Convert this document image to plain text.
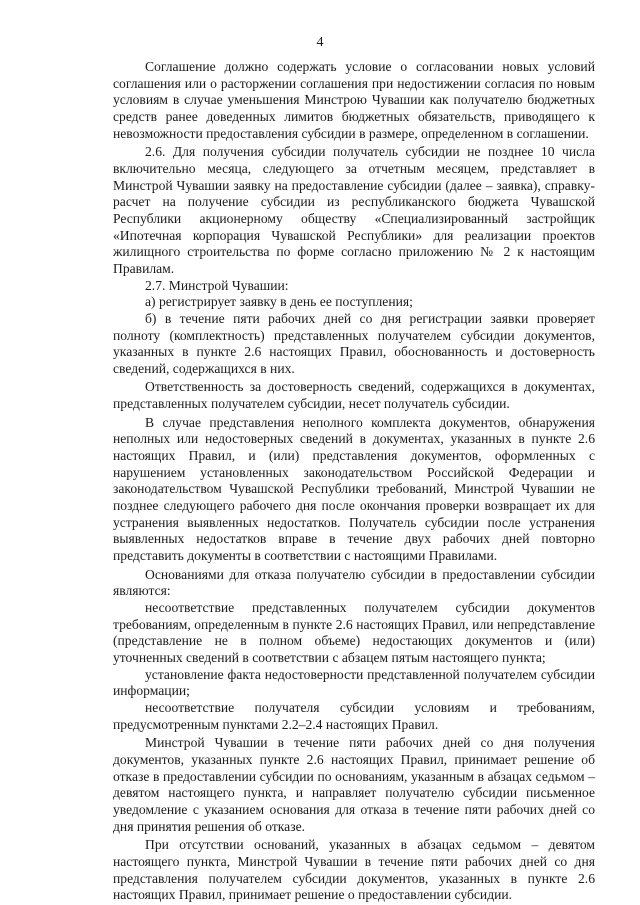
4

Соглашение должно содержать условие о согласовании новых условий соглашения или о расторжении соглашения при недостижении согласия по новым условиям в случае уменьшения Минстрою Чувашии как получателю бюджетных средств ранее доведенных лимитов бюджетных обязательств, приводящего к невозможности предоставления субсидии в размере, определенном в соглашении.

2.6. Для получения субсидии получатель субсидии не позднее 10 числа включительно месяца, следующего за отчетным месяцем, представляет в Минстрой Чувашии заявку на предоставление субсидии (далее – заявка), справку-расчет на получение субсидии из республиканского бюджета Чувашской Республики акционерному обществу «Специализированный застройщик «Ипотечная корпорация Чувашской Республики» для реализации проектов жилищного строительства по форме согласно приложению № 2 к настоящим Правилам.

2.7. Минстрой Чувашии:

а) регистрирует заявку в день ее поступления;

б) в течение пяти рабочих дней со дня регистрации заявки проверяет полноту (комплектность) представленных получателем субсидии документов, указанных в пункте 2.6 настоящих Правил, обоснованность и достоверность сведений, содержащихся в них.

Ответственность за достоверность сведений, содержащихся в документах, представленных получателем субсидии, несет получатель субсидии.

В случае представления неполного комплекта документов, обнаружения неполных или недостоверных сведений в документах, указанных в пункте 2.6 настоящих Правил, и (или) представления документов, оформленных с нарушением установленных законодательством Российской Федерации и законодательством Чувашской Республики требований, Минстрой Чувашии не позднее следующего рабочего дня после окончания проверки возвращает их для устранения выявленных недостатков. Получатель субсидии после устранения выявленных недостатков вправе в течение двух рабочих дней повторно представить документы в соответствии с настоящими Правилами.

Основаниями для отказа получателю субсидии в предоставлении субсидии являются:

несоответствие представленных получателем субсидии документов требованиям, определенным в пункте 2.6 настоящих Правил, или непредставление (представление не в полном объеме) недостающих документов и (или) уточненных сведений в соответствии с абзацем пятым настоящего пункта;

установление факта недостоверности представленной получателем субсидии информации;

несоответствие получателя субсидии условиям и требованиям, предусмотренным пунктами 2.2–2.4 настоящих Правил.

Минстрой Чувашии в течение пяти рабочих дней со дня получения документов, указанных пункте 2.6 настоящих Правил, принимает решение об отказе в предоставлении субсидии по основаниям, указанным в абзацах седьмом – девятом настоящего пункта, и направляет получателю субсидии письменное уведомление с указанием основания для отказа в течение пяти рабочих дней со дня принятия решения об отказе.

При отсутствии оснований, указанных в абзацах седьмом – девятом настоящего пункта, Минстрой Чувашии в течение пяти рабочих дней со дня представления получателем субсидии документов, указанных в пункте 2.6 настоящих Правил, принимает решение о предоставлении субсидии.
